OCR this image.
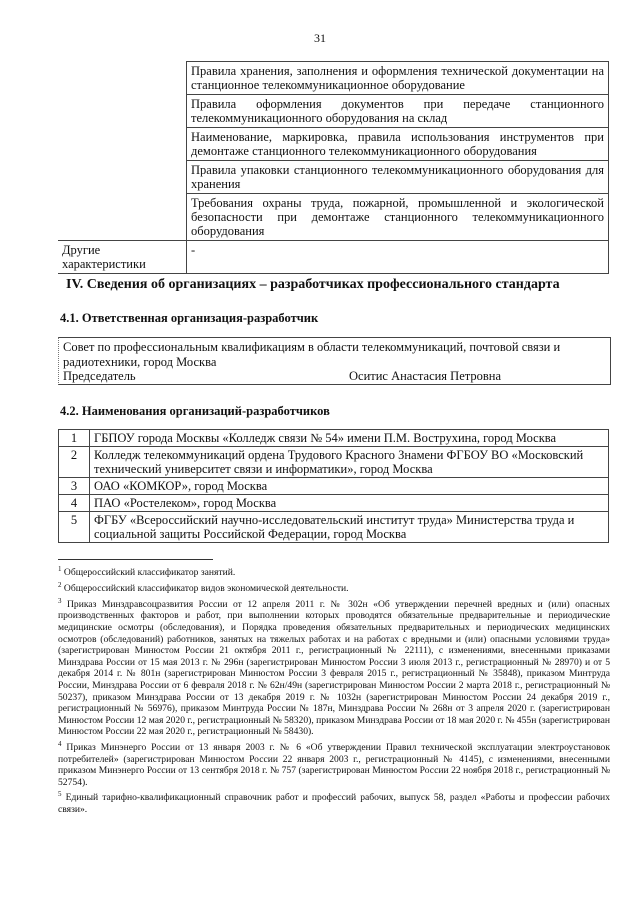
31
	Правила хранения, заполнения и оформления технической документации на станционное телекоммуникационное оборудование
	Правила оформления документов при передаче станционного телекоммуникационного оборудования на склад
	Наименование, маркировка, правила использования инструментов при демонтаже станционного телекоммуникационного оборудования
	Правила упаковки станционного телекоммуникационного оборудования для хранения
	Требования охраны труда, пожарной, промышленной и экологической безопасности при демонтаже станционного телекоммуникационного оборудования
Другие характеристики	-
IV. Сведения об организациях – разработчиках профессионального стандарта
4.1. Ответственная организация-разработчик
Совет по профессиональным квалификациям в области телекоммуникаций, почтовой связи и радиотехники, город Москва
Председатель	Оситис Анастасия Петровна
4.2. Наименования организаций-разработчиков
1	ГБПОУ города Москвы «Колледж связи № 54» имени П.М. Вострухина, город Москва
2	Колледж телекоммуникаций ордена Трудового Красного Знамени ФГБОУ ВО «Московский технический университет связи и информатики», город Москва
3	ОАО «КОМКОР», город Москва
4	ПАО «Ростелеком», город Москва
5	ФГБУ «Всероссийский научно-исследовательский институт труда» Министерства труда и социальной защиты Российской Федерации, город Москва

$^1$ Общероссийский классификатор занятий.

$^2$ Общероссийский классификатор видов экономической деятельности.

$^3$ Приказ Минздравсоцразвития России от 12 апреля 2011 г. № 302н «Об утверждении перечней вредных и (или) опасных производственных факторов и работ, при выполнении которых проводятся обязательные предварительные и периодические медицинские осмотры (обследования), и Порядка проведения обязательных предварительных и периодических медицинских осмотров (обследований) работников, занятых на тяжелых работах и на работах с вредными и (или) опасными условиями труда» (зарегистрирован Минюстом России 21 октября 2011 г., регистрационный № 22111), с изменениями, внесенными приказами Минздрава России от 15 мая 2013 г. № 296н (зарегистрирован Минюстом России 3 июля 2013 г., регистрационный № 28970) и от 5 декабря 2014 г. № 801н (зарегистрирован Минюстом России 3 февраля 2015 г., регистрационный № 35848), приказом Минтруда России, Минздрава России от 6 февраля 2018 г. № 62н/49н (зарегистрирован Минюстом России 2 марта 2018 г., регистрационный № 50237), приказом Минздрава России от 13 декабря 2019 г. № 1032н (зарегистрирован Минюстом России 24 декабря 2019 г., регистрационный № 56976), приказом Минтруда России № 187н, Минздрава России № 268н от 3 апреля 2020 г. (зарегистрирован Минюстом России 12 мая 2020 г., регистрационный № 58320), приказом Минздрава России от 18 мая 2020 г. № 455н (зарегистрирован Минюстом России 22 мая 2020 г., регистрационный № 58430).

$^4$ Приказ Минэнерго России от 13 января 2003 г. № 6 «Об утверждении Правил технической эксплуатации электроустановок потребителей» (зарегистрирован Минюстом России 22 января 2003 г., регистрационный № 4145), с изменениями, внесенными приказом Минэнерго России от 13 сентября 2018 г. № 757 (зарегистрирован Минюстом России 22 ноября 2018 г., регистрационный № 52754).

$^5$ Единый тарифно-квалификационный справочник работ и профессий рабочих, выпуск 58, раздел «Работы и профессии рабочих связи».
